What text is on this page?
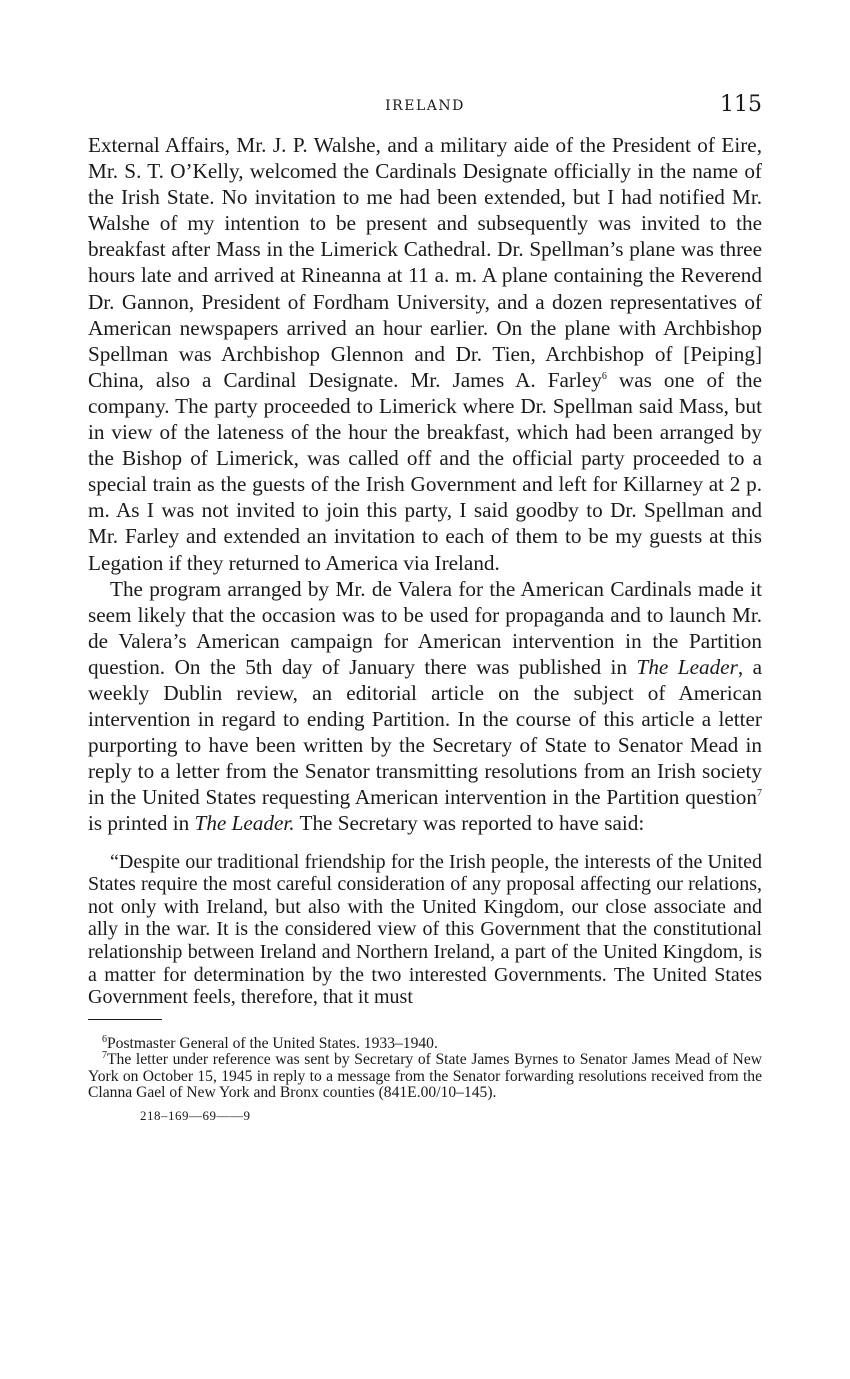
IRELAND	115

External Affairs, Mr. J. P. Walshe, and a military aide of the President of Eire, Mr. S. T. O’Kelly, welcomed the Cardinals Designate officially in the name of the Irish State. No invitation to me had been extended, but I had notified Mr. Walshe of my intention to be present and subsequently was invited to the breakfast after Mass in the Limerick Cathedral. Dr. Spellman’s plane was three hours late and arrived at Rineanna at 11 a. m. A plane containing the Reverend Dr. Gannon, President of Fordham University, and a dozen representatives of American newspapers arrived an hour earlier. On the plane with Archbishop Spellman was Archbishop Glennon and Dr. Tien, Archbishop of [Peiping] China, also a Cardinal Designate. Mr. James A. Farley$^6$ was one of the company. The party proceeded to Limerick where Dr. Spellman said Mass, but in view of the lateness of the hour the breakfast, which had been arranged by the Bishop of Limerick, was called off and the official party proceeded to a special train as the guests of the Irish Government and left for Killarney at 2 p. m. As I was not invited to join this party, I said goodby to Dr. Spellman and Mr. Farley and extended an invitation to each of them to be my guests at this Legation if they returned to America via Ireland.

The program arranged by Mr. de Valera for the American Cardinals made it seem likely that the occasion was to be used for propaganda and to launch Mr. de Valera’s American campaign for American intervention in the Partition question. On the 5th day of January there was published in The Leader, a weekly Dublin review, an editorial article on the subject of American intervention in regard to ending Partition. In the course of this article a letter purporting to have been written by the Secretary of State to Senator Mead in reply to a letter from the Senator transmitting resolutions from an Irish society in the United States requesting American intervention in the Partition question$^7$ is printed in The Leader. The Secretary was reported to have said:

“Despite our traditional friendship for the Irish people, the interests of the United States require the most careful consideration of any proposal affecting our relations, not only with Ireland, but also with the United Kingdom, our close associate and ally in the war. It is the considered view of this Government that the constitutional relationship between Ireland and Northern Ireland, a part of the United Kingdom, is a matter for determination by the two interested Governments. The United States Government feels, therefore, that it must

$^6$Postmaster General of the United States. 1933–1940.

$^7$The letter under reference was sent by Secretary of State James Byrnes to Senator James Mead of New York on October 15, 1945 in reply to a message from the Senator forwarding resolutions received from the Clanna Gael of New York and Bronx counties (841E.00/10–145).

218–169—69——9
